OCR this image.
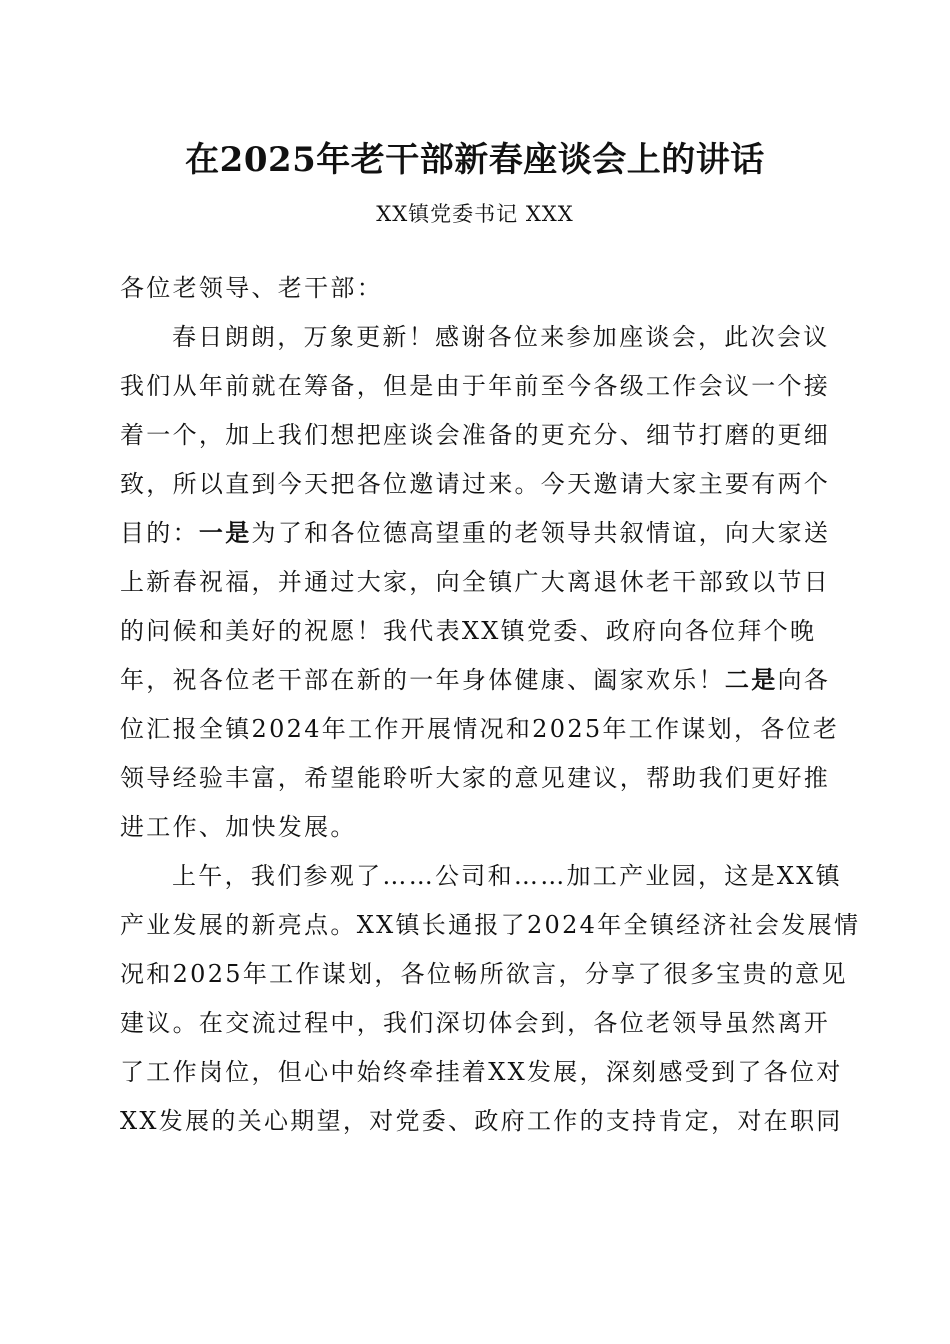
在2025年老干部新春座谈会上的讲话
XX镇党委书记 XXX
各位老领导、老干部：
春日朗朗，万象更新！感谢各位来参加座谈会，此次会议
我们从年前就在筹备，但是由于年前至今各级工作会议一个接
着一个，加上我们想把座谈会准备的更充分、细节打磨的更细
致，所以直到今天把各位邀请过来。今天邀请大家主要有两个
目的：一是为了和各位德高望重的老领导共叙情谊，向大家送
上新春祝福，并通过大家，向全镇广大离退休老干部致以节日
的问候和美好的祝愿！我代表XX镇党委、政府向各位拜个晚
年，祝各位老干部在新的一年身体健康、阖家欢乐！二是向各
位汇报全镇2024年工作开展情况和2025年工作谋划，各位老
领导经验丰富，希望能聆听大家的意见建议，帮助我们更好推
进工作、加快发展。
上午，我们参观了……公司和……加工产业园，这是XX镇
产业发展的新亮点。XX镇长通报了2024年全镇经济社会发展情
况和2025年工作谋划，各位畅所欲言，分享了很多宝贵的意见
建议。在交流过程中，我们深切体会到，各位老领导虽然离开
了工作岗位，但心中始终牵挂着XX发展，深刻感受到了各位对
XX发展的关心期望，对党委、政府工作的支持肯定，对在职同
